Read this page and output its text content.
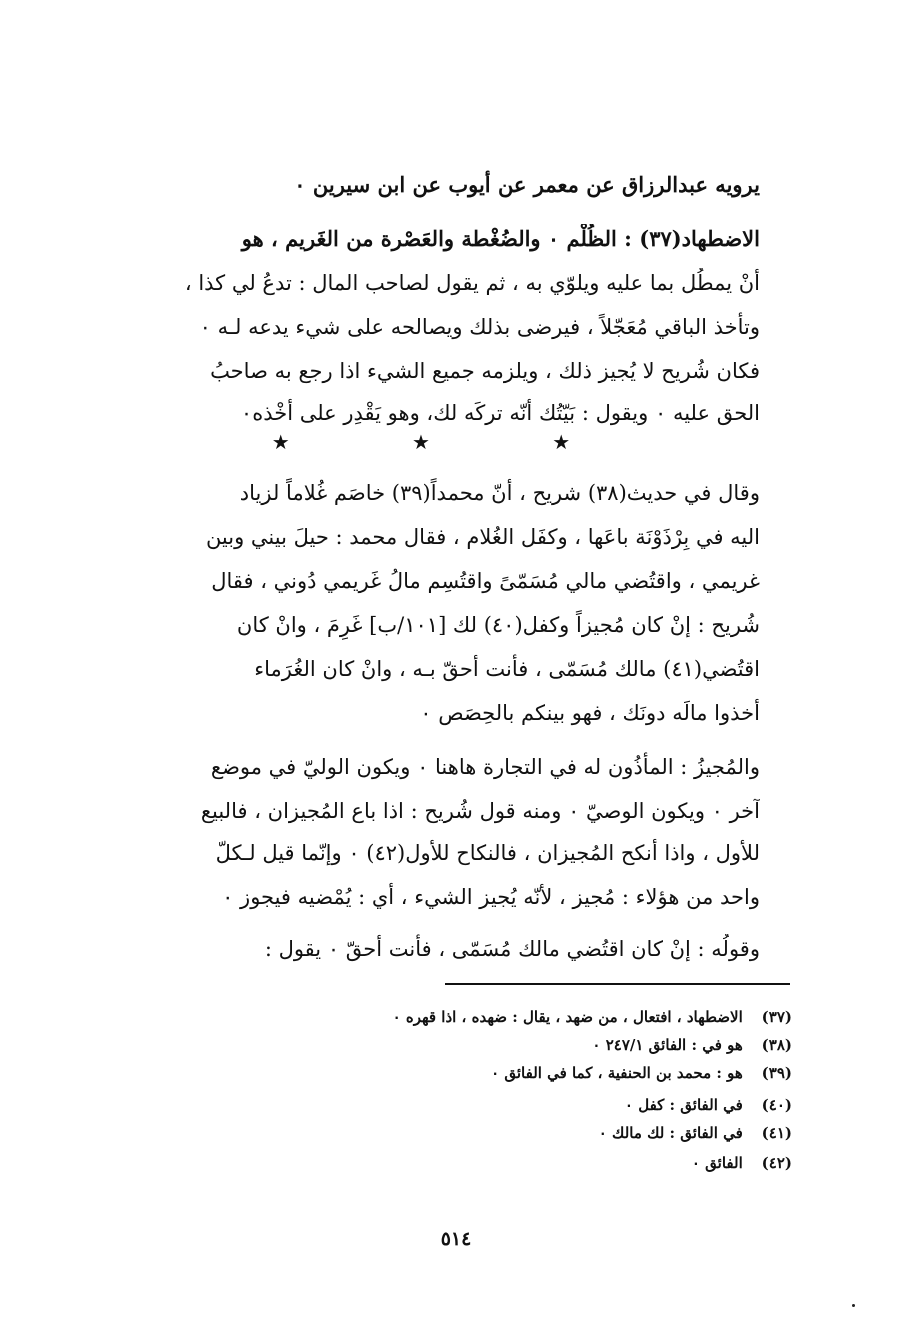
يرويه عبدالرزاق عن معمر عن أيوب عن ابن سيرين ٠
الاضطهاد(٣٧) : الظُلْم ٠ والضُغْطة والعَصْرة من الغَريم ، هو
أنْ يمطُل بما عليه ويلوّي به ، ثم يقول لصاحب المال : تدعُ لي كذا ،
وتأْخذ الباقي مُعَجّلاً ، فيرضى بذلك ويصالحه على شيء يدعه لـه ٠
فكان شُريح لا يُجيز ذلك ، ويلزمه جميع الشيء اذا رجع به صاحبُ
الحق عليه ٠ ويقول : بَيّتُك أنّه تركَه لك، وهو يَقْدِر على أخْذه٠
وقال في حديث(٣٨) شريح ، أنّ محمداً(٣٩) خاصَم غُلاماً لزياد
اليه في بِرْذَوْنَة باعَها ، وكفَل الغُلام ، فقال محمد : حيلَ بيني وبين
غريمي ، واقتُضي مالي مُسَمّىً واقتُسِم مالُ غَريمي دُوني ، فقال
شُريح : إنْ كان مُجيزاً وكفل(٤٠) لك [١٠١/ب] غَرِمَ ، وانْ كان
اقتُضي(٤١) مالك مُسَمّى ، فأنت أحقّ بـه ، وانْ كان الغُرَماء
أخذوا مالَه دونَك ، فهو بينكم بالحِصَص ٠
والمُجيزُ : المأذُون له في التجارة هاهنا ٠ ويكون الوليّ في موضع
آخر ٠ ويكون الوصيّ ٠ ومنه قول شُريح : اذا باع المُجيزان ، فالبيع
للأول ، واذا أنكح المُجيزان ، فالنكاح للأول(٤٢) ٠ وإنّما قيل لـكلّ
واحد من هؤلاء : مُجيز ، لأنّه يُجيز الشيء ، أي : يُمْضيه فيجوز ٠
وقولُه : إنْ كان اقتُضي مالك مُسَمّى ، فأنت أحقّ ٠ يقول :
★ ★ ★
(٣٧) الاضطهاد ، افتعال ، من ضهد ، يقال : ضهده ، اذا قهره ٠
(٣٨) هو في : الفائق ٢٤٧/١ ٠
(٣٩) هو : محمد بن الحنفية ، كما في الفائق ٠
(٤٠) في الفائق : كفل ٠
(٤١) في الفائق : لك مالك ٠
(٤٢) الفائق ٠
٥١٤
